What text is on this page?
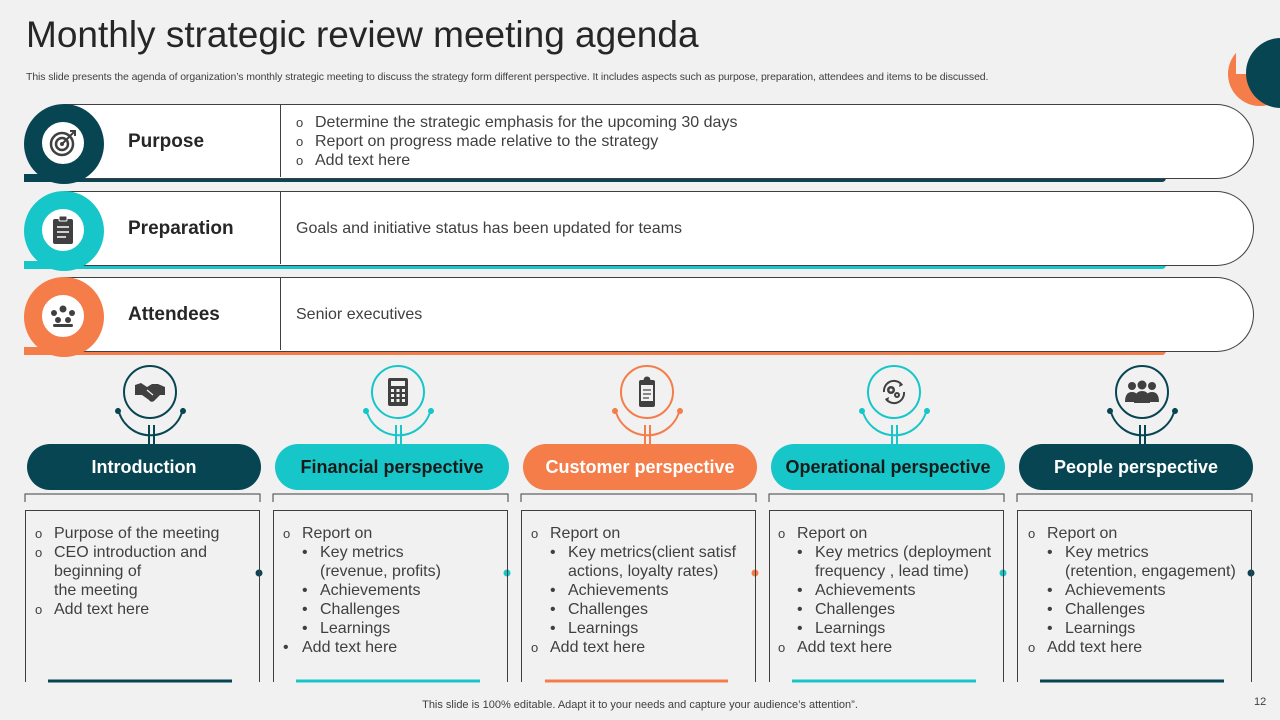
Monthly strategic review meeting agenda
This slide presents the agenda of organization’s monthly strategic meeting to discuss the strategy form different perspective. It includes aspects such as purpose, preparation, attendees and items to be discussed.
Purpose
o Determine the strategic emphasis for the upcoming 30 days
o Report on progress made relative to the strategy
o Add text here
Preparation	Goals and initiative status has been updated for teams
Attendees	Senior executives
Introduction
o Purpose of the meeting
o CEO introduction and
beginning of
the meeting
o Add text here
Financial perspective
o Report on
• Key metrics
(revenue, profits)
• Achievements
• Challenges
• Learnings
• Add text here
Customer perspective
o Report on
• Key metrics(client satisf
actions, loyalty rates)
• Achievements
• Challenges
• Learnings
o Add text here
Operational perspective
o Report on
• Key metrics (deployment
frequency , lead time)
• Achievements
• Challenges
• Learnings
o Add text here
People perspective
o Report on
• Key metrics
(retention, engagement)
• Achievements
• Challenges
• Learnings
o Add text here
This slide is 100% editable. Adapt it to your needs and capture your audience’s attention”.	12
